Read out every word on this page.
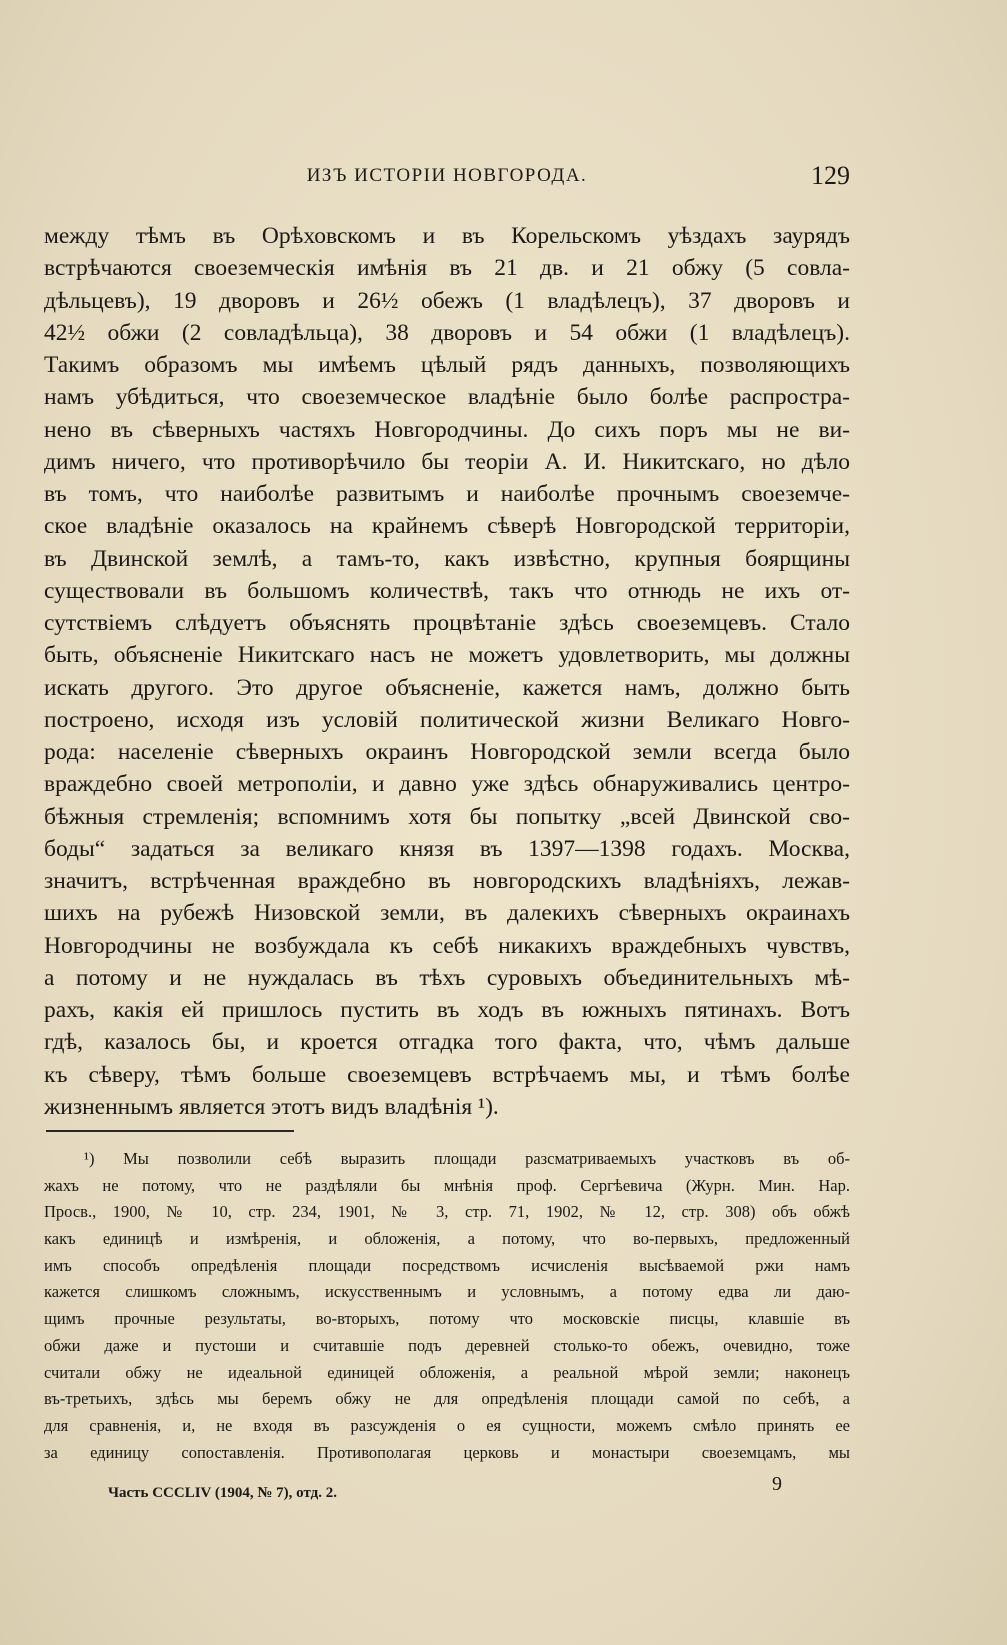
ИЗЪ ИСТОРІИ НОВГОРОДА.	129
между тѣмъ въ Орѣховскомъ и въ Корельскомъ уѣздахъ заурядъ
встрѣчаются своеземческія имѣнія въ 21 дв. и 21 обжу (5 совла-
дѣльцевъ), 19 дворовъ и 26½ обежъ (1 владѣлецъ), 37 дворовъ и
42½ обжи (2 совладѣльца), 38 дворовъ и 54 обжи (1 владѣлецъ).
Такимъ образомъ мы имѣемъ цѣлый рядъ данныхъ, позволяющихъ
намъ убѣдиться, что своеземческое владѣніе было болѣе распростра-
нено въ сѣверныхъ частяхъ Новгородчины. До сихъ поръ мы не ви-
димъ ничего, что противорѣчило бы теоріи А. И. Никитскаго, но дѣло
въ томъ, что наиболѣе развитымъ и наиболѣе прочнымъ своеземче-
ское владѣніе оказалось на крайнемъ сѣверѣ Новгородской территоріи,
въ Двинской землѣ, а тамъ-то, какъ извѣстно, крупныя боярщины
существовали въ большомъ количествѣ, такъ что отнюдь не ихъ от-
сутствіемъ слѣдуетъ объяснять процвѣтаніе здѣсь своеземцевъ. Стало
быть, объясненіе Никитскаго насъ не можетъ удовлетворить, мы должны
искать другого. Это другое объясненіе, кажется намъ, должно быть
построено, исходя изъ условій политической жизни Великаго Новго-
рода: населеніе сѣверныхъ окраинъ Новгородской земли всегда было
враждебно своей метрополіи, и давно уже здѣсь обнаруживались центро-
бѣжныя стремленія; вспомнимъ хотя бы попытку „всей Двинской сво-
боды“ задаться за великаго князя въ 1397—1398 годахъ. Москва,
значитъ, встрѣченная враждебно въ новгородскихъ владѣніяхъ, лежав-
шихъ на рубежѣ Низовской земли, въ далекихъ сѣверныхъ окраинахъ
Новгородчины не возбуждала къ себѣ никакихъ враждебныхъ чувствъ,
а потому и не нуждалась въ тѣхъ суровыхъ объединительныхъ мѣ-
рахъ, какія ей пришлось пустить въ ходъ въ южныхъ пятинахъ. Вотъ
гдѣ, казалось бы, и кроется отгадка того факта, что, чѣмъ дальше
къ сѣверу, тѣмъ больше своеземцевъ встрѣчаемъ мы, и тѣмъ болѣе
жизненнымъ является этотъ видъ владѣнія ¹).
¹) Мы позволили себѣ выразить площади разсматриваемыхъ участковъ въ об-
жахъ не потому, что не раздѣляли бы мнѣнія проф. Сергѣевича (Журн. Мин. Нар.
Просв., 1900, № 10, стр. 234, 1901, № 3, стр. 71, 1902, № 12, стр. 308) объ обжѣ
какъ единицѣ и измѣренія, и обложенія, а потому, что во-первыхъ, предложенный
имъ способъ опредѣленія площади посредствомъ исчисленія высѣваемой ржи намъ
кажется слишкомъ сложнымъ, искусственнымъ и условнымъ, а потому едва ли даю-
щимъ прочные результаты, во-вторыхъ, потому что московскіе писцы, клавшіе въ
обжи даже и пустоши и считавшіе подъ деревней столько-то обежъ, очевидно, тоже
считали обжу не идеальной единицей обложенія, а реальной мѣрой земли; наконецъ
въ-третьихъ, здѣсь мы беремъ обжу не для опредѣленія площади самой по себѣ, а
для сравненія, и, не входя въ разсужденія о ея сущности, можемъ смѣло принять ее
за единицу сопоставленія. Противополагая церковь и монастыри своеземцамъ, мы
Часть CCCLIV (1904, № 7), отд. 2.	9
